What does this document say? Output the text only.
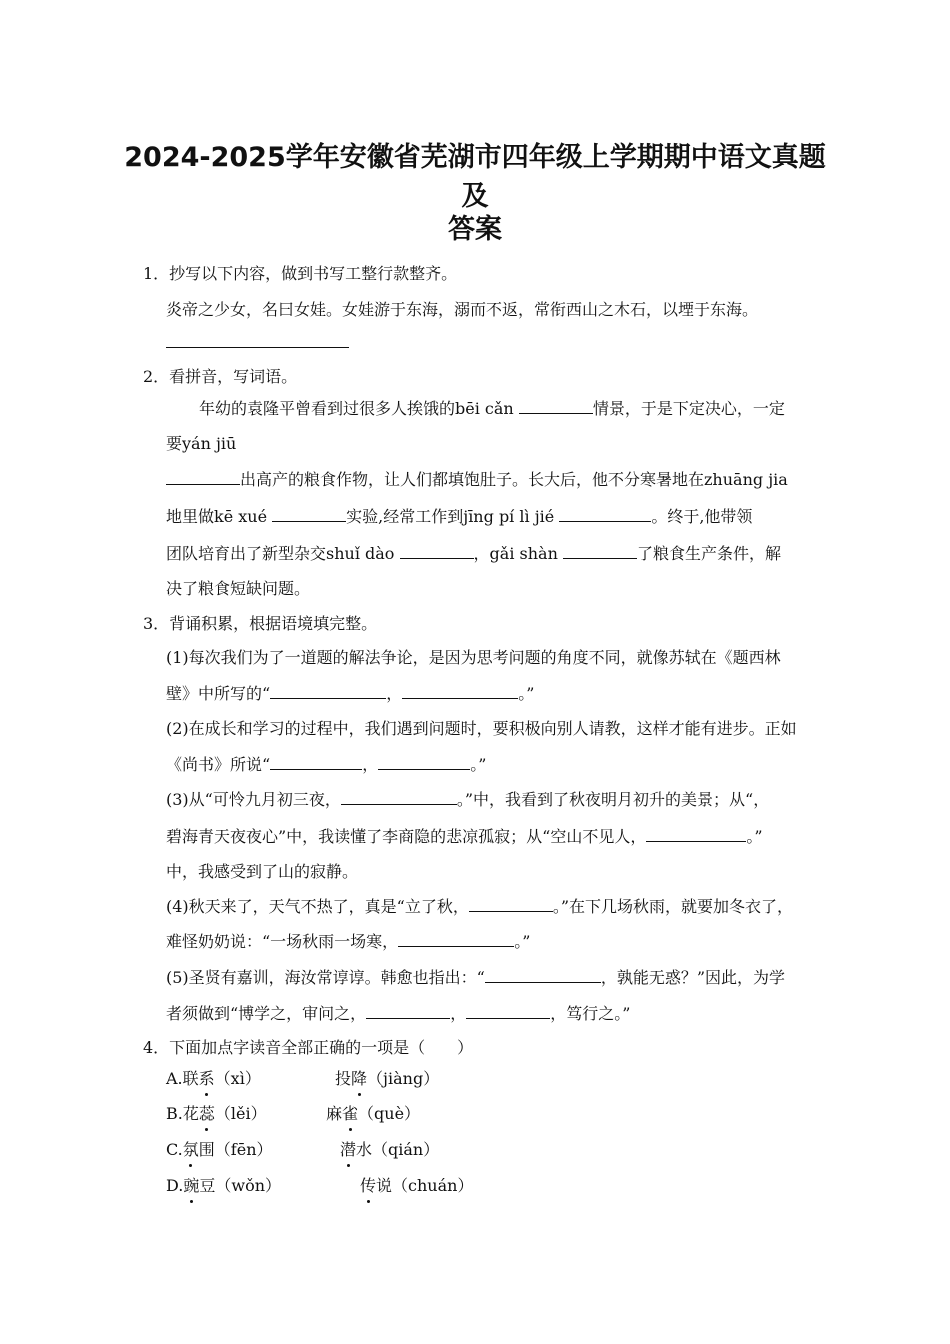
2024-2025学年安徽省芜湖市四年级上学期期中语文真题及
答案
1．抄写以下内容，做到书写工整行款整齐。
炎帝之少女，名曰女娃。女娃游于东海，溺而不返，常衔西山之木石，以堙于东海。
2．看拼音，写词语。
年幼的袁隆平曾看到过很多人挨饿的bēi cǎn	情景，于是下定决心，一定
要yán jiū
出高产的粮食作物，让人们都填饱肚子。长大后，他不分寒暑地在zhuāng jia
地里做kē xué	实验,经常工作到jīng pí lì jié	。终于,他带领
团队培育出了新型杂交shuǐ dào	，gǎi shàn	了粮食生产条件，解
决了粮食短缺问题。
3．背诵积累，根据语境填完整。
(1)每次我们为了一道题的解法争论，是因为思考问题的角度不同，就像苏轼在《题西林
壁》中所写的“	，	。”
(2)在成长和学习的过程中，我们遇到问题时，要积极向别人请教，这样才能有进步。正如
《尚书》所说“	，	。”
(3)从“可怜九月初三夜，	。”中，我看到了秋夜明月初升的美景；从“，
碧海青天夜夜心”中，我读懂了李商隐的悲凉孤寂；从“空山不见人，	。”
中，我感受到了山的寂静。
(4)秋天来了，天气不热了，真是“立了秋，	。”在下几场秋雨，就要加冬衣了，
难怪奶奶说：“一场秋雨一场寒，	。”
(5)圣贤有嘉训，海汝常谆谆。韩愈也指出：“	，孰能无惑？”因此，为学
者须做到“博学之，审问之，	，	，笃行之。”
4．下面加点字读音全部正确的一项是（　　）
A.联系（xì）	投降（jiàng）
B.花蕊（lěi）	麻雀（què）
C.氛围（fēn）	潜水（qián）
D.豌豆（wǒn）	传说（chuán）
